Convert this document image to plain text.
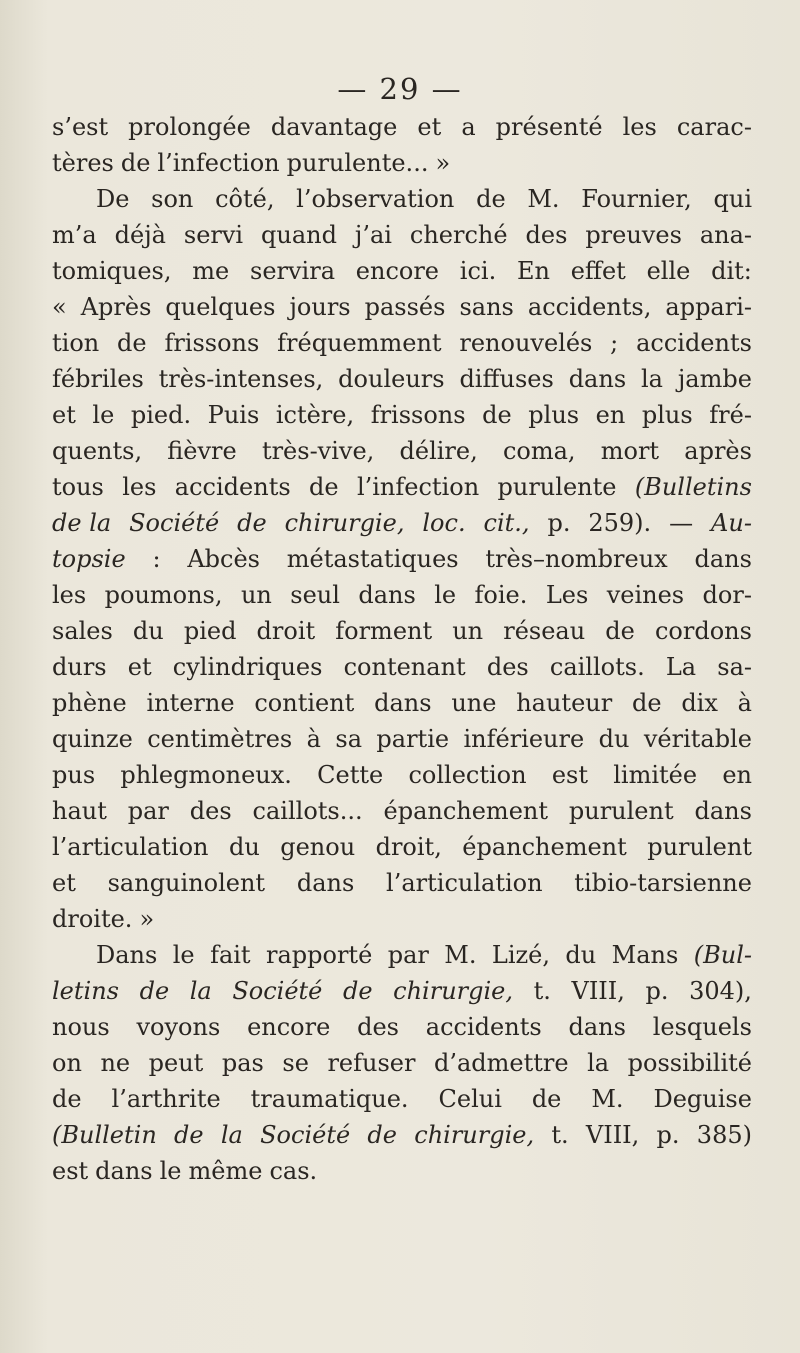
— 29 —
s’est prolongée davantage et a présenté les carac-
tères de l’infection purulente... »
De son côté, l’observation de M. Fournier, qui
m’a déjà servi quand j’ai cherché des preuves ana-
tomiques, me servira encore ici. En effet elle dit:
« Après quelques jours passés sans accidents, appari-
tion de frissons fréquemment renouvelés ; accidents
fébriles très-intenses, douleurs diffuses dans la jambe
et le pied. Puis ictère, frissons de plus en plus fré-
quents, fièvre très-vive, délire, coma, mort après
tous les accidents de l’infection purulente (Bulletins
de la Société de chirurgie, loc. cit., p. 259). — Au-
topsie : Abcès métastatiques très–nombreux dans
les poumons, un seul dans le foie. Les veines dor-
sales du pied droit forment un réseau de cordons
durs et cylindriques contenant des caillots. La sa-
phène interne contient dans une hauteur de dix à
quinze centimètres à sa partie inférieure du véritable
pus phlegmoneux. Cette collection est limitée en
haut par des caillots... épanchement purulent dans
l’articulation du genou droit, épanchement purulent
et sanguinolent dans l’articulation tibio-tarsienne
droite. »
Dans le fait rapporté par M. Lizé, du Mans (Bul-
letins de la Société de chirurgie, t. VIII, p. 304),
nous voyons encore des accidents dans lesquels
on ne peut pas se refuser d’admettre la possibilité
de l’arthrite traumatique. Celui de M. Deguise
(Bulletin de la Société de chirurgie, t. VIII, p. 385)
est dans le même cas.
